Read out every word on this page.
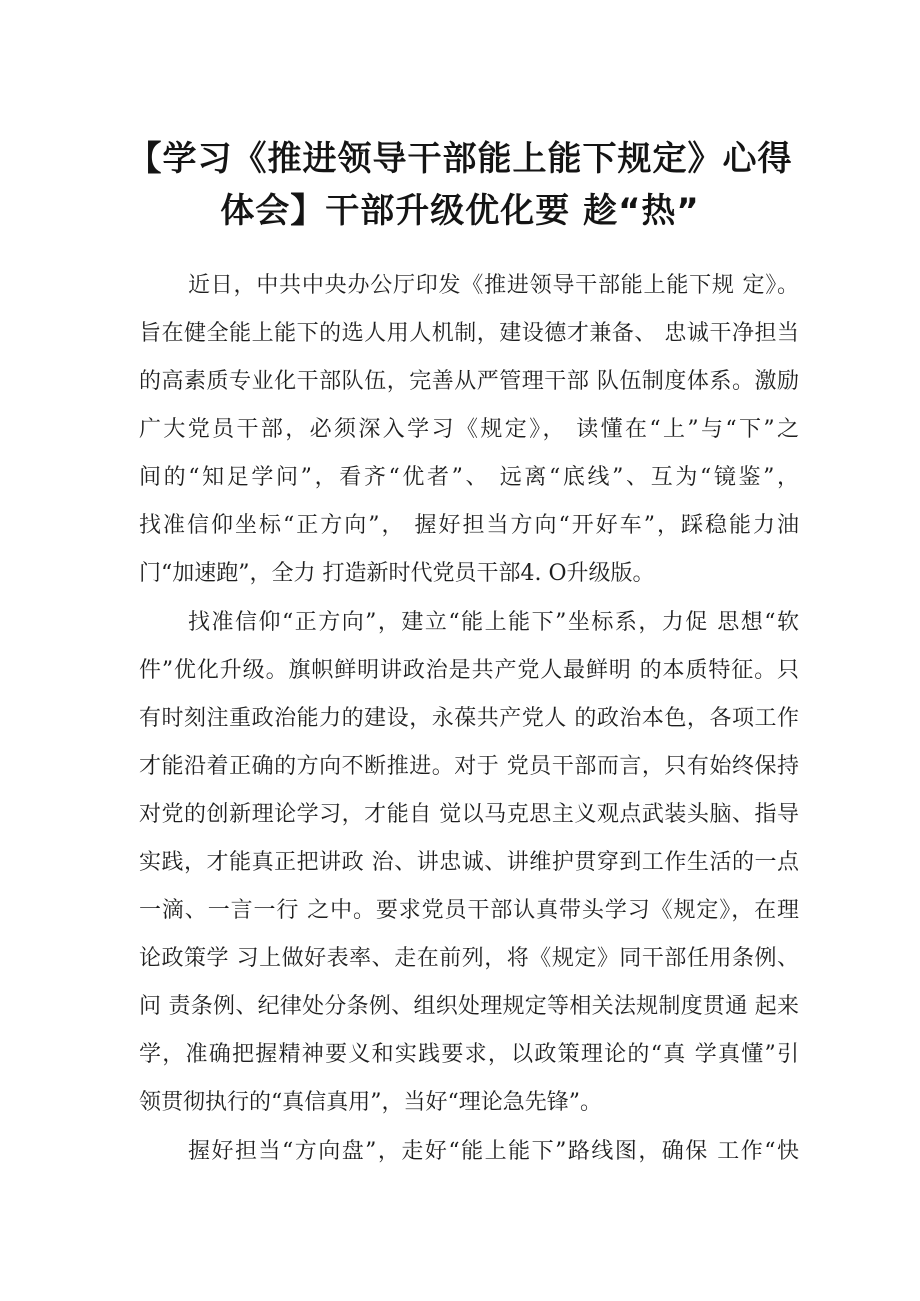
【学习《推进领导干部能上能下规定》心得
体会】干部升级优化要 趁“热”
近日，中共中央办公厅印发《推进领导干部能上能下规 定》。
旨在健全能上能下的选人用人机制，建设德才兼备、 忠诚干净担当
的高素质专业化干部队伍，完善从严管理干部 队伍制度体系。激励
广大党员干部，必须深入学习《规定》， 读懂在“上”与“下”之
间的“知足学问”，看齐“优者”、 远离“底线”、互为“镜鉴”，
找准信仰坐标“正方向”， 握好担当方向“开好车”，踩稳能力油
门“加速跑”，全力 打造新时代党员干部4. O升级版。
找准信仰“正方向”，建立“能上能下”坐标系，力促 思想“软
件”优化升级。旗帜鲜明讲政治是共产党人最鲜明 的本质特征。只
有时刻注重政治能力的建设，永葆共产党人 的政治本色，各项工作
才能沿着正确的方向不断推进。对于 党员干部而言，只有始终保持
对党的创新理论学习，才能自 觉以马克思主义观点武装头脑、指导
实践，才能真正把讲政 治、讲忠诚、讲维护贯穿到工作生活的一点
一滴、一言一行 之中。要求党员干部认真带头学习《规定》，在理
论政策学 习上做好表率、走在前列，将《规定》同干部任用条例、
问 责条例、纪律处分条例、组织处理规定等相关法规制度贯通 起来
学，准确把握精神要义和实践要求，以政策理论的“真 学真懂”引
领贯彻执行的“真信真用”，当好“理论急先锋”。
握好担当“方向盘”，走好“能上能下”路线图，确保 工作“快
